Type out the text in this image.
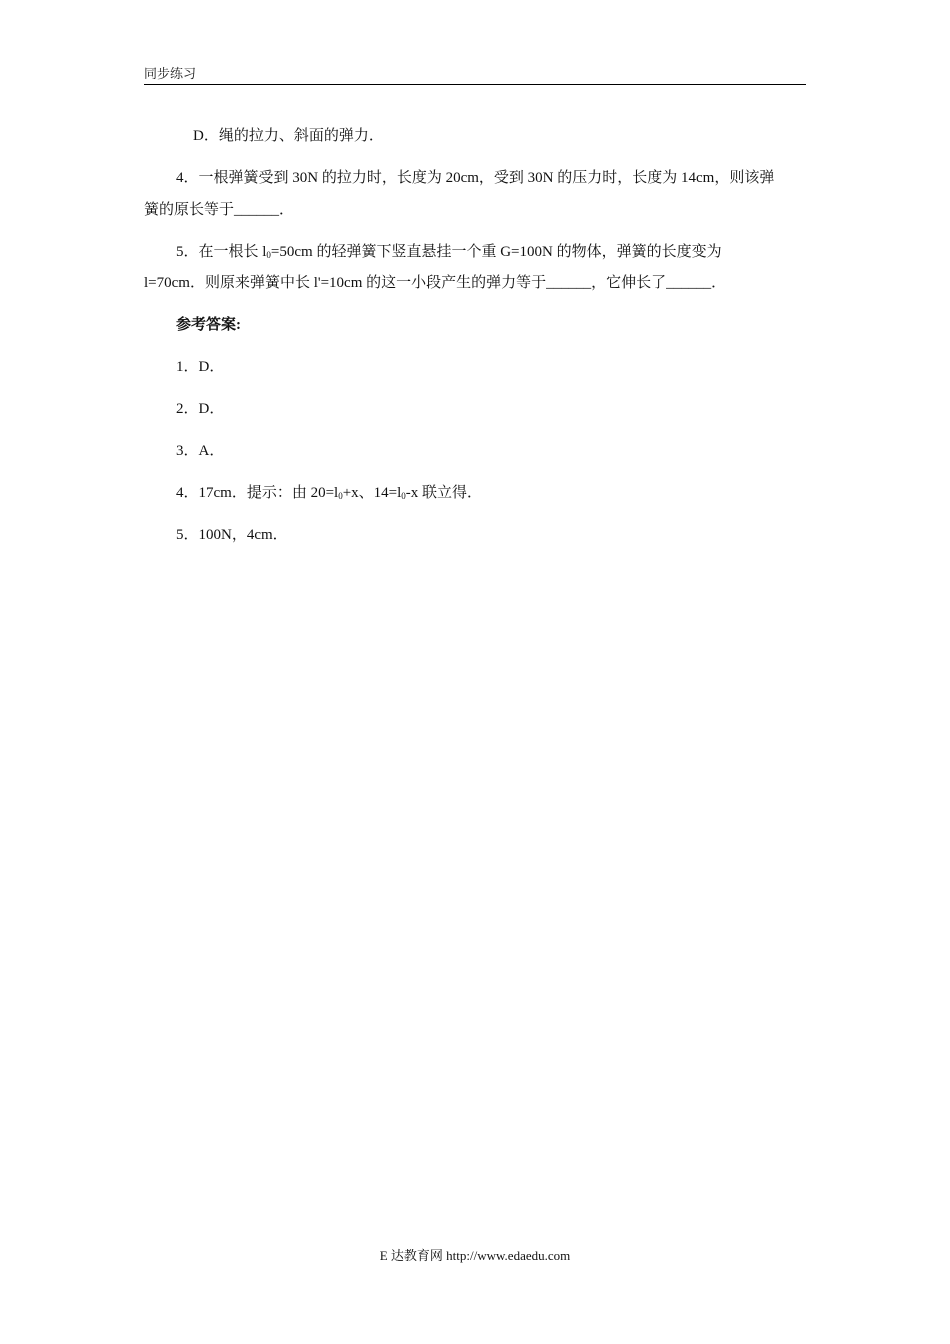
同步练习
D．绳的拉力、斜面的弹力．
4．一根弹簧受到 30N 的拉力时，长度为 20cm，受到 30N 的压力时，长度为 14cm，则该弹
簧的原长等于______．
5．在一根长 $l_0=50cm$ 的轻弹簧下竖直悬挂一个重 G=100N 的物体，弹簧的长度变为
l=70cm．则原来弹簧中长 l'=10cm 的这一小段产生的弹力等于______，它伸长了______．
参考答案:
1．D．
2．D．
3．A．
4．17cm．提示：由 $20=l_0+x$、$14=l_0-x$ 联立得．
5．100N，4cm．
E 达教育网 http://www.edaedu.com
